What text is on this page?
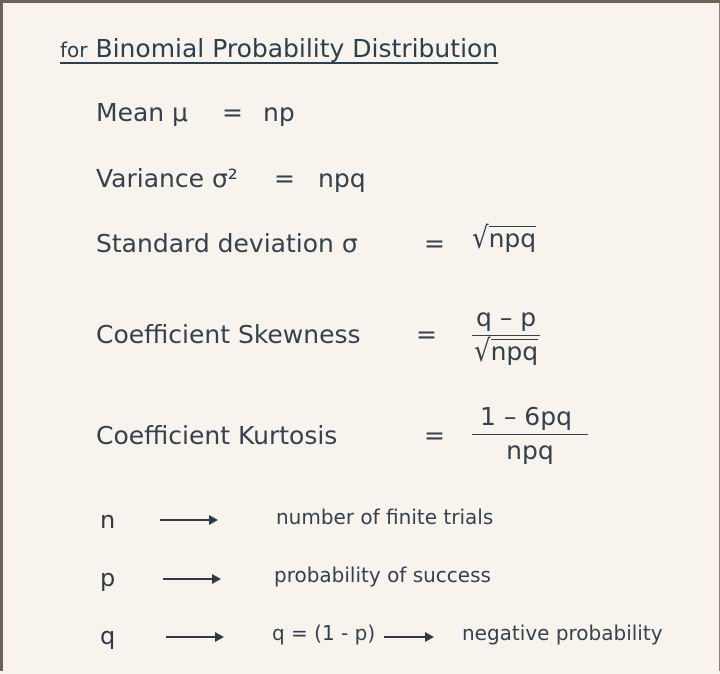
for Binomial Probability Distribution
Mean μ = np
Variance σ² = npq
Standard deviation σ	= √npq
Coefficient Skewness = $\frac{q - p}{\text{√npq}}$
Coefficient Kurtosis	= $\frac{1 - 6pq}{\text{npq}}$
n	number of finite trials
p	probability of success
q	q = (1 - p)	negative probability
